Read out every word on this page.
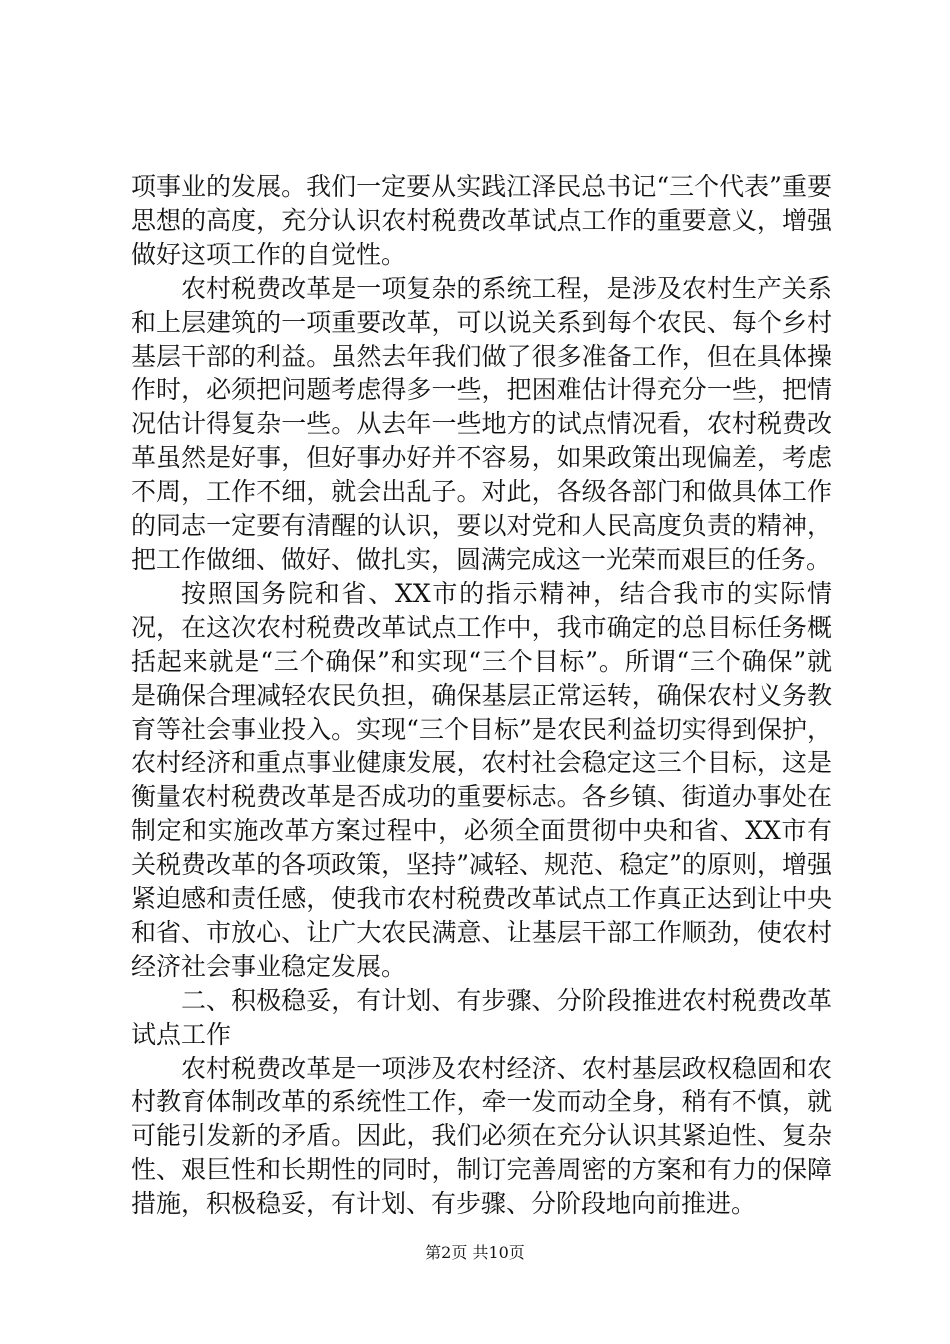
项事业的发展。我们一定要从实践江泽民总书记“三个代表”重要思想的高度，充分认识农村税费改革试点工作的重要意义，增强做好这项工作的自觉性。

农村税费改革是一项复杂的系统工程，是涉及农村生产关系和上层建筑的一项重要改革，可以说关系到每个农民、每个乡村基层干部的利益。虽然去年我们做了很多准备工作，但在具体操作时，必须把问题考虑得多一些，把困难估计得充分一些，把情况估计得复杂一些。从去年一些地方的试点情况看，农村税费改革虽然是好事，但好事办好并不容易，如果政策出现偏差，考虑不周，工作不细，就会出乱子。对此，各级各部门和做具体工作的同志一定要有清醒的认识，要以对党和人民高度负责的精神，把工作做细、做好、做扎实，圆满完成这一光荣而艰巨的任务。

按照国务院和省、XX市的指示精神，结合我市的实际情况，在这次农村税费改革试点工作中，我市确定的总目标任务概括起来就是“三个确保”和实现“三个目标”。所谓“三个确保”就是确保合理减轻农民负担，确保基层正常运转，确保农村义务教育等社会事业投入。实现“三个目标”是农民利益切实得到保护，农村经济和重点事业健康发展，农村社会稳定这三个目标，这是衡量农村税费改革是否成功的重要标志。各乡镇、街道办事处在制定和实施改革方案过程中，必须全面贯彻中央和省、XX市有关税费改革的各项政策，坚持”减轻、规范、稳定”的原则，增强紧迫感和责任感，使我市农村税费改革试点工作真正达到让中央和省、市放心、让广大农民满意、让基层干部工作顺劲，使农村经济社会事业稳定发展。

二、积极稳妥，有计划、有步骤、分阶段推进农村税费改革试点工作

农村税费改革是一项涉及农村经济、农村基层政权稳固和农村教育体制改革的系统性工作，牵一发而动全身，稍有不慎，就可能引发新的矛盾。因此，我们必须在充分认识其紧迫性、复杂性、艰巨性和长期性的同时，制订完善周密的方案和有力的保障措施，积极稳妥，有计划、有步骤、分阶段地向前推进。

第2页 共10页
